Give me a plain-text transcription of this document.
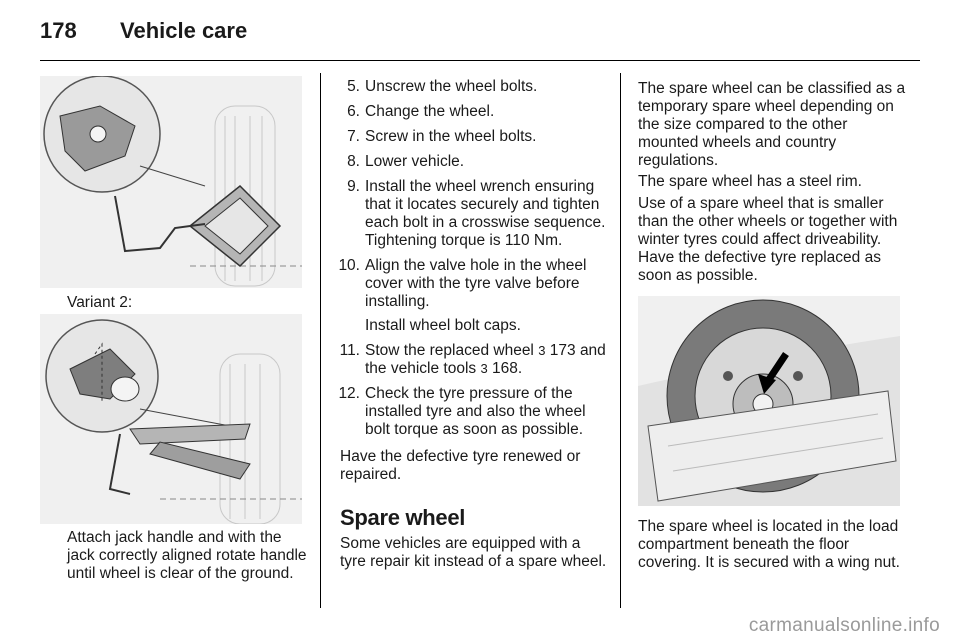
178 Vehicle care
Variant 2:
Attach jack handle and with the jack correctly aligned rotate handle until wheel is clear of the ground.
5. Unscrew the wheel bolts.
6. Change the wheel.
7. Screw in the wheel bolts.
8. Lower vehicle.
9. Install the wheel wrench ensuring that it locates securely and tighten each bolt in a crosswise sequence. Tightening torque is 110 Nm.
10. Align the valve hole in the wheel cover with the tyre valve before installing.
Install wheel bolt caps.
11. Stow the replaced wheel 3 173 and the vehicle tools 3 168.
12. Check the tyre pressure of the installed tyre and also the wheel bolt torque as soon as possible.
Have the defective tyre renewed or repaired.
Spare wheel
Some vehicles are equipped with a tyre repair kit instead of a spare wheel.
The spare wheel can be classified as a temporary spare wheel depending on the size compared to the other mounted wheels and country regulations.
The spare wheel has a steel rim.
Use of a spare wheel that is smaller than the other wheels or together with winter tyres could affect driveability. Have the defective tyre replaced as soon as possible.
The spare wheel is located in the load compartment beneath the floor covering. It is secured with a wing nut.
carmanualsonline.info
